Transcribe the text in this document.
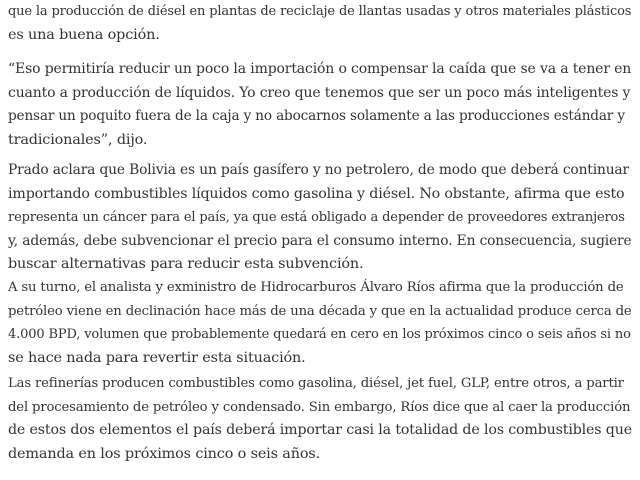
que la producción de diésel en plantas de reciclaje de llantas usadas y otros materiales plásticos
es una buena opción.

“Eso permitiría reducir un poco la importación o compensar la caída que se va a tener en
cuanto a producción de líquidos. Yo creo que tenemos que ser un poco más inteligentes y
pensar un poquito fuera de la caja y no abocarnos solamente a las producciones estándar y
tradicionales”, dijo.

Prado aclara que Bolivia es un país gasífero y no petrolero, de modo que deberá continuar
importando combustibles líquidos como gasolina y diésel. No obstante, afirma que esto
representa un cáncer para el país, ya que está obligado a depender de proveedores extranjeros
y, además, debe subvencionar el precio para el consumo interno. En consecuencia, sugiere
buscar alternativas para reducir esta subvención.

A su turno, el analista y exministro de Hidrocarburos Álvaro Ríos afirma que la producción de
petróleo viene en declinación hace más de una década y que en la actualidad produce cerca de
4.000 BPD, volumen que probablemente quedará en cero en los próximos cinco o seis años si no
se hace nada para revertir esta situación.

Las refinerías producen combustibles como gasolina, diésel, jet fuel, GLP, entre otros, a partir
del procesamiento de petróleo y condensado. Sin embargo, Ríos dice que al caer la producción
de estos dos elementos el país deberá importar casi la totalidad de los combustibles que
demanda en los próximos cinco o seis años.
